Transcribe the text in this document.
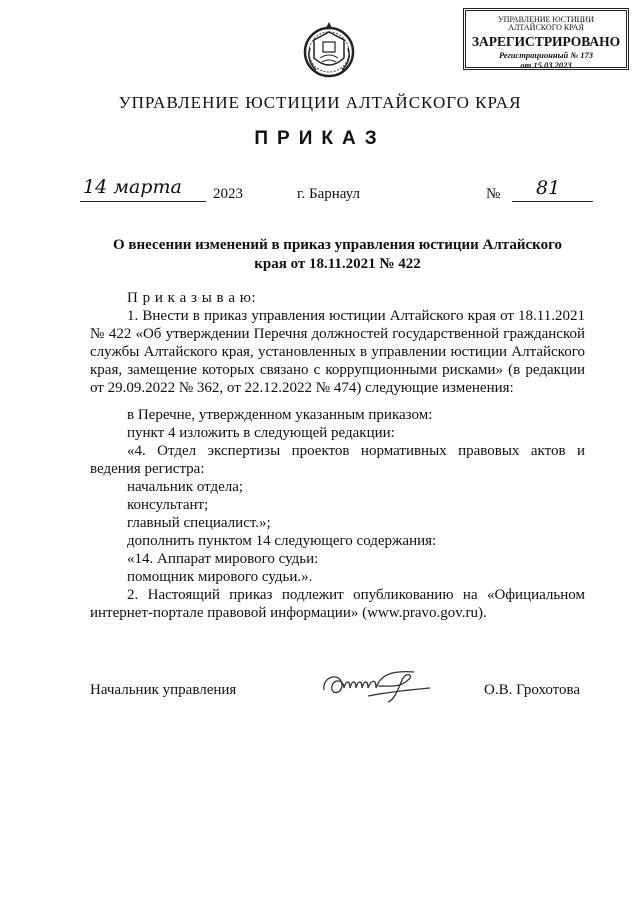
УПРАВЛЕНИЕ ЮСТИЦИИ
АЛТАЙСКОГО КРАЯ
ЗАРЕГИСТРИРОВАНО
Регистрационный № 173
от 15.03.2023
УПРАВЛЕНИЕ ЮСТИЦИИ АЛТАЙСКОГО КРАЯ
ПРИКАЗ
14 марта 2023	г. Барнаул	№ 81
О внесении изменений в приказ управления юстиции Алтайского
края от 18.11.2021 № 422
П р и к а з ы в а ю:
1. Внести в приказ управления юстиции Алтайского края от 18.11.2021 № 422 «Об утверждении Перечня должностей государственной гражданской службы Алтайского края, установленных в управлении юстиции Алтайского края, замещение которых связано с коррупционными рисками» (в редакции от 29.09.2022 № 362, от 22.12.2022 № 474) следующие изменения:
в Перечне, утвержденном указанным приказом:
пункт 4 изложить в следующей редакции:
«4. Отдел экспертизы проектов нормативных правовых актов и ведения регистра:
начальник отдела;
консультант;
главный специалист.»;
дополнить пунктом 14 следующего содержания:
«14. Аппарат мирового судьи:
помощник мирового судьи.».
2. Настоящий приказ подлежит опубликованию на «Официальном интернет-портале правовой информации» (www.pravo.gov.ru).
Начальник управления	О.В. Грохотова
